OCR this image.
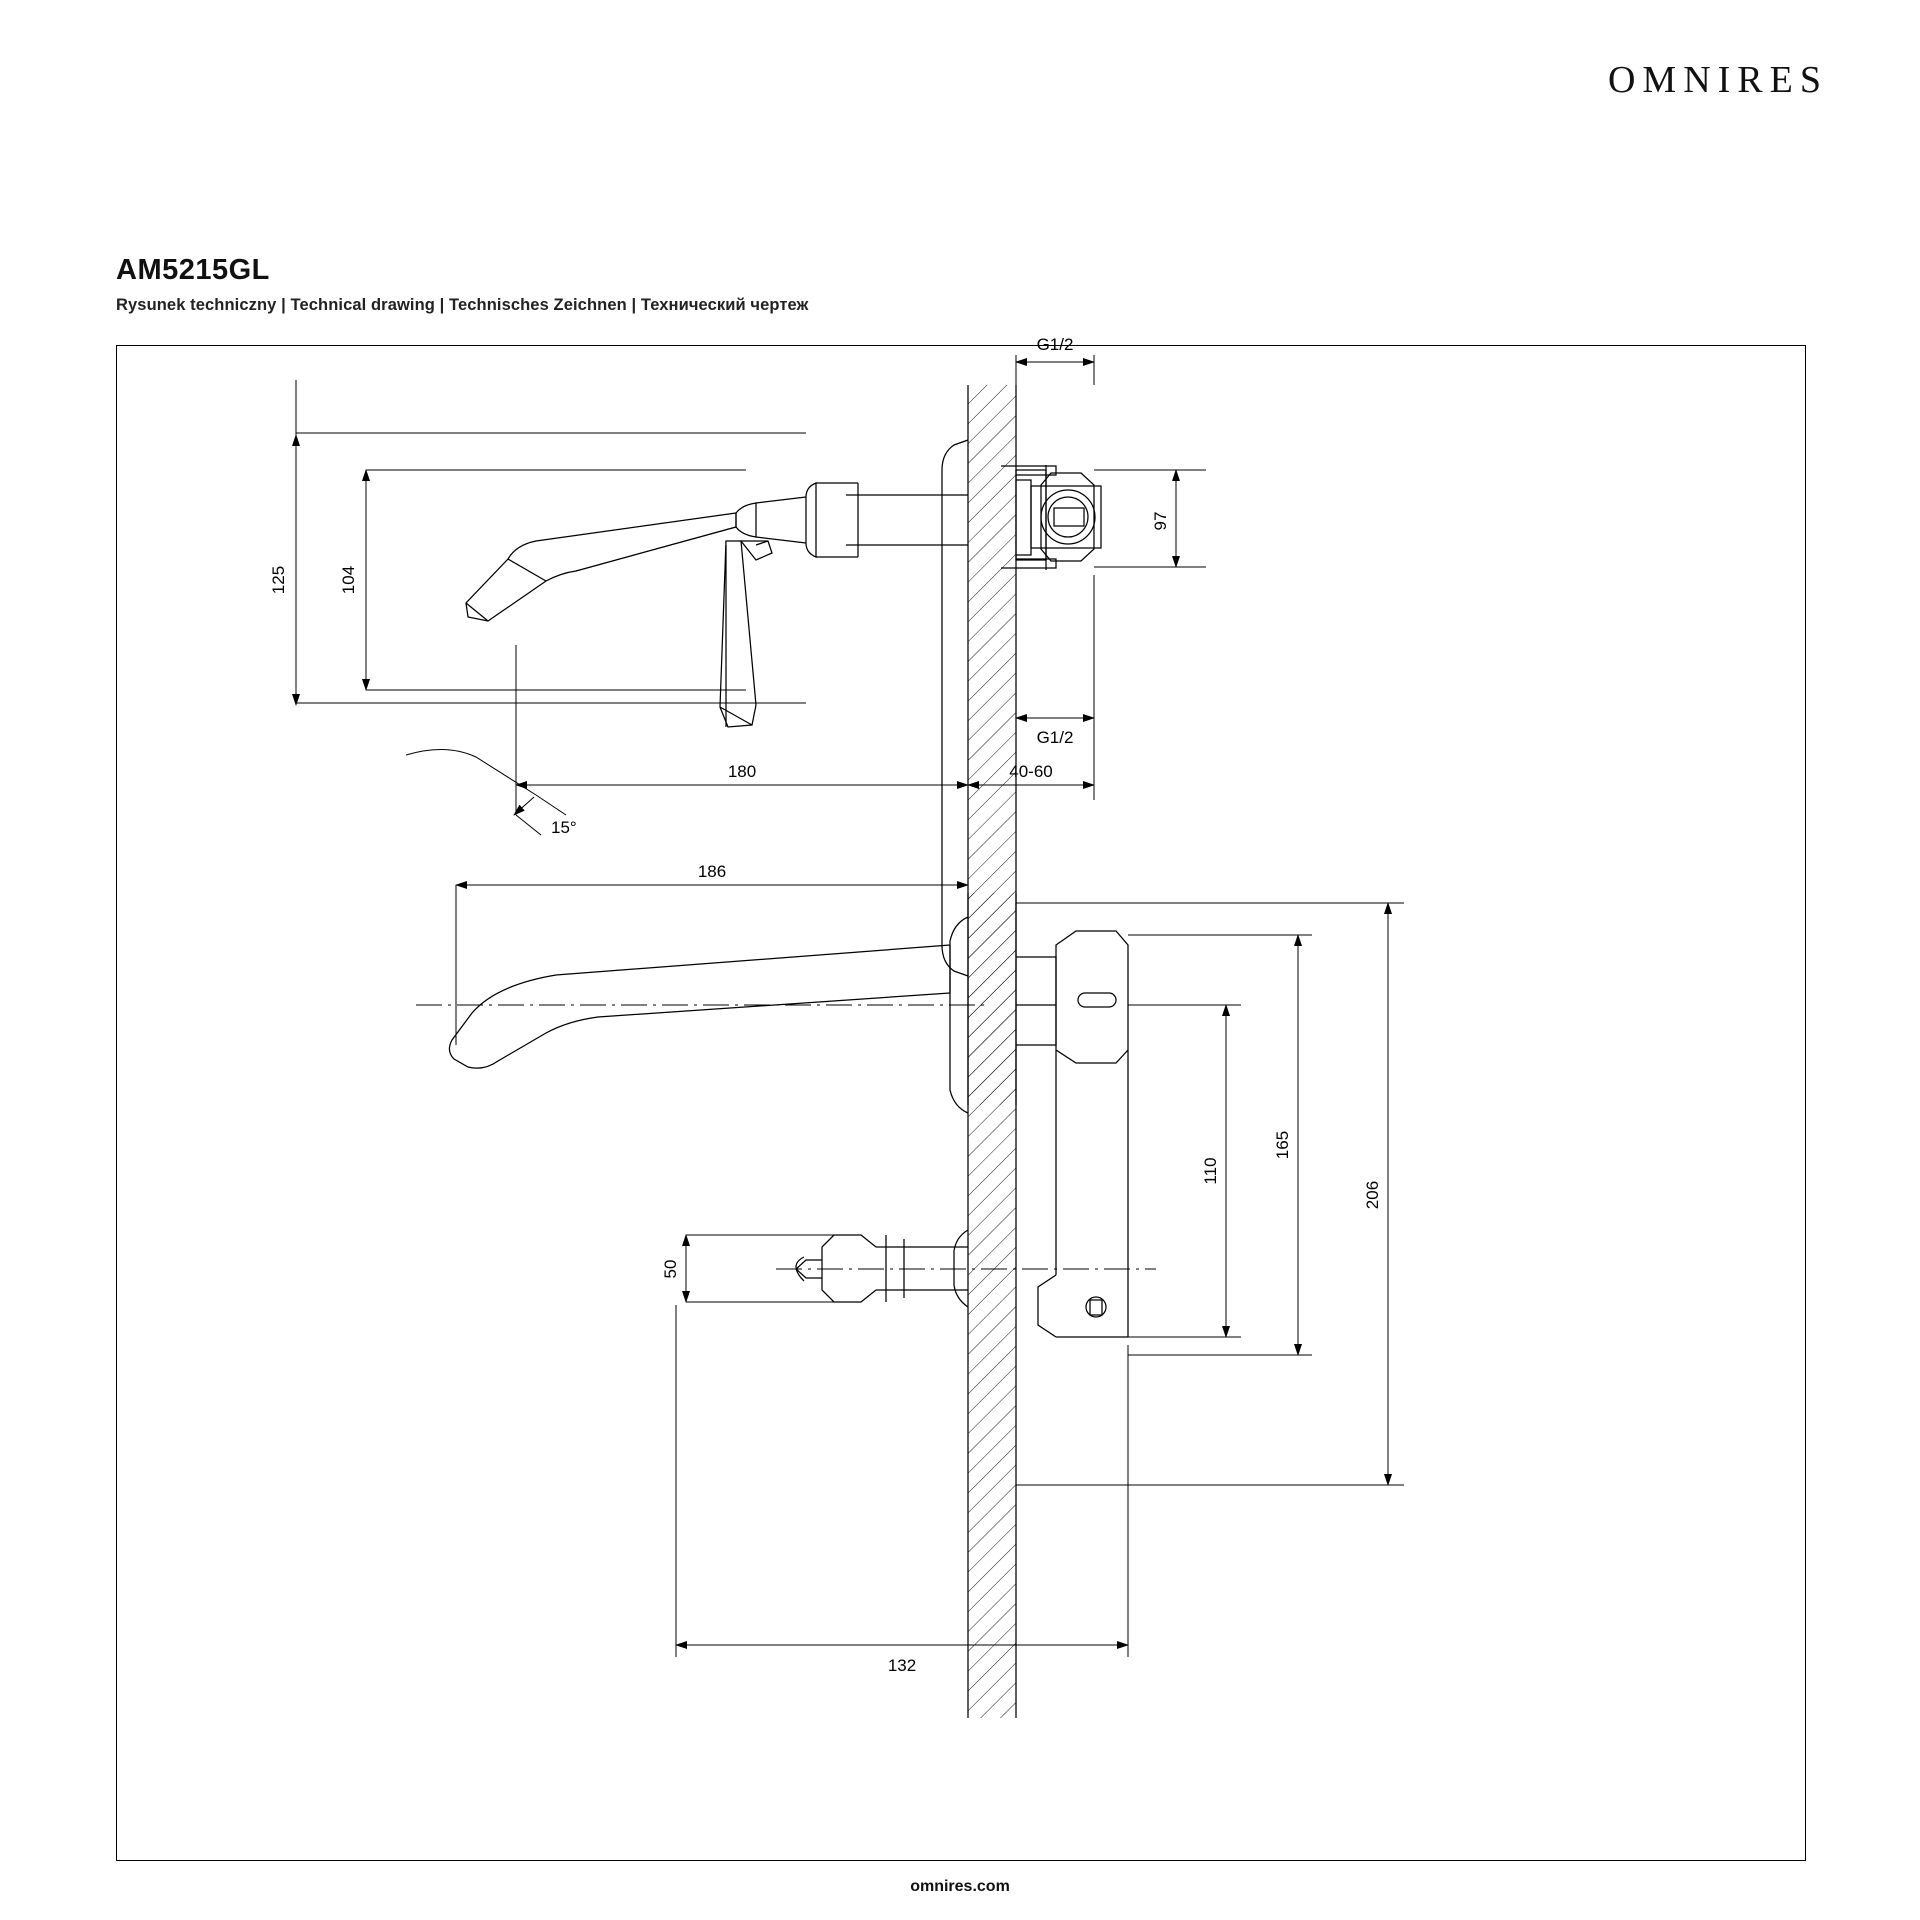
OMNIRES
AM5215GL
Rysunek techniczny | Technical drawing | Technisches Zeichnen | Технический чертеж
15°
125	104
97
180	40-60
G1/2
G1/2
186
132
110
165
206
50
omnires.com
